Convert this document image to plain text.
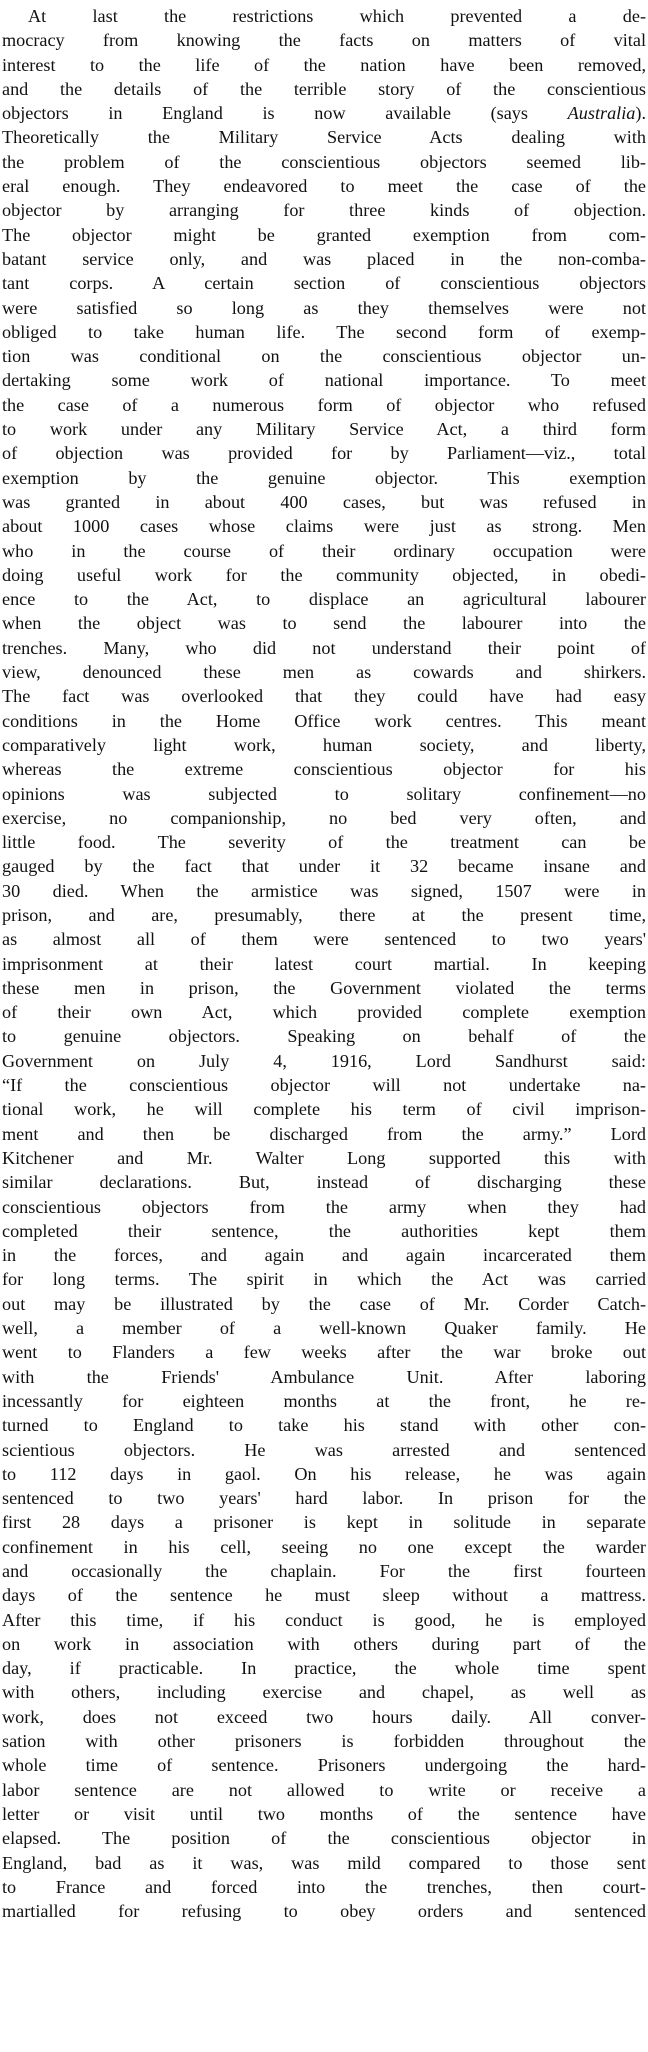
At last the restrictions which prevented a de-
mocracy from knowing the facts on matters of vital
interest to the life of the nation have been removed,
and the details of the terrible story of the conscientious
objectors in England is now available (says Australia).
Theoretically the Military Service Acts dealing with
the problem of the conscientious objectors seemed lib-
eral enough. They endeavored to meet the case of the
objector by arranging for three kinds of objection.
The objector might be granted exemption from com-
batant service only, and was placed in the non-comba-
tant corps. A certain section of conscientious objectors
were satisfied so long as they themselves were not
obliged to take human life. The second form of exemp-
tion was conditional on the conscientious objector un-
dertaking some work of national importance. To meet
the case of a numerous form of objector who refused
to work under any Military Service Act, a third form
of objection was provided for by Parliament—viz., total
exemption by the genuine objector. This exemption
was granted in about 400 cases, but was refused in
about 1000 cases whose claims were just as strong. Men
who in the course of their ordinary occupation were
doing useful work for the community objected, in obedi-
ence to the Act, to displace an agricultural labourer
when the object was to send the labourer into the
trenches. Many, who did not understand their point of
view, denounced these men as cowards and shirkers.
The fact was overlooked that they could have had easy
conditions in the Home Office work centres. This meant
comparatively light work, human society, and liberty,
whereas the extreme conscientious objector for his
opinions was subjected to solitary confinement—no
exercise, no companionship, no bed very often, and
little food. The severity of the treatment can be
gauged by the fact that under it 32 became insane and
30 died. When the armistice was signed, 1507 were in
prison, and are, presumably, there at the present time,
as almost all of them were sentenced to two years'
imprisonment at their latest court martial. In keeping
these men in prison, the Government violated the terms
of their own Act, which provided complete exemption
to genuine objectors. Speaking on behalf of the
Government on July 4, 1916, Lord Sandhurst said:
“If the conscientious objector will not undertake na-
tional work, he will complete his term of civil imprison-
ment and then be discharged from the army.” Lord
Kitchener and Mr. Walter Long supported this with
similar declarations. But, instead of discharging these
conscientious objectors from the army when they had
completed their sentence, the authorities kept them
in the forces, and again and again incarcerated them
for long terms. The spirit in which the Act was carried
out may be illustrated by the case of Mr. Corder Catch-
well, a member of a well-known Quaker family. He
went to Flanders a few weeks after the war broke out
with the Friends' Ambulance Unit. After laboring
incessantly for eighteen months at the front, he re-
turned to England to take his stand with other con-
scientious objectors. He was arrested and sentenced
to 112 days in gaol. On his release, he was again
sentenced to two years' hard labor. In prison for the
first 28 days a prisoner is kept in solitude in separate
confinement in his cell, seeing no one except the warder
and occasionally the chaplain. For the first fourteen
days of the sentence he must sleep without a mattress.
After this time, if his conduct is good, he is employed
on work in association with others during part of the
day, if practicable. In practice, the whole time spent
with others, including exercise and chapel, as well as
work, does not exceed two hours daily. All conver-
sation with other prisoners is forbidden throughout the
whole time of sentence. Prisoners undergoing the hard-
labor sentence are not allowed to write or receive a
letter or visit until two months of the sentence have
elapsed. The position of the conscientious objector in
England, bad as it was, was mild compared to those sent
to France and forced into the trenches, then court-
martialled for refusing to obey orders and sentenced
